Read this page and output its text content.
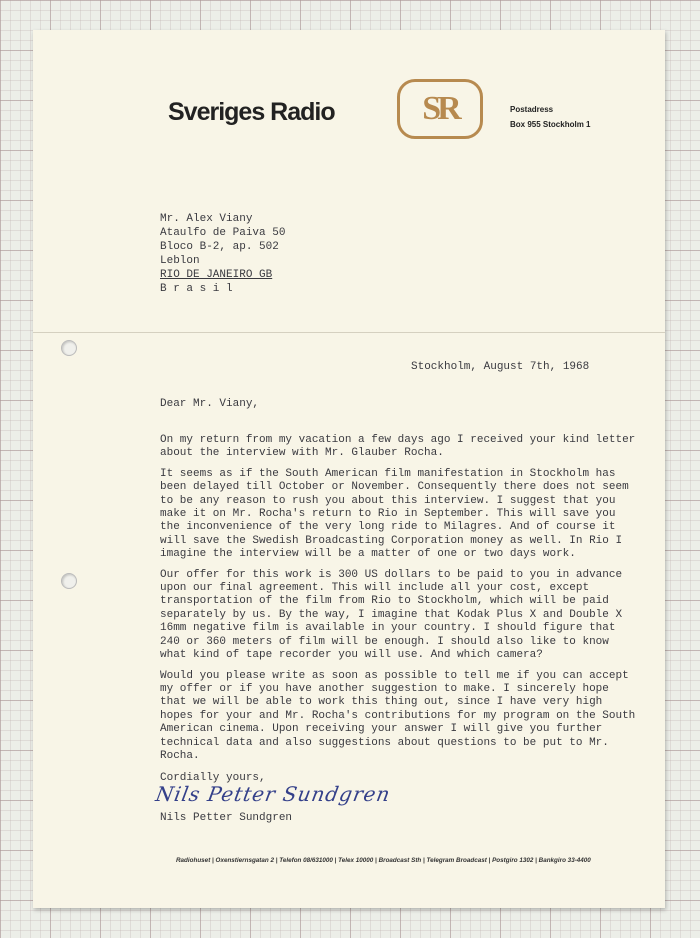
Sveriges Radio	SR	Postadress
Box 955 Stockholm 1
Mr. Alex Viany
Ataulfo de Paiva 50
Bloco B-2, ap. 502
Leblon
RIO DE JANEIRO GB
B r a s i l
Stockholm, August 7th, 1968
Dear Mr. Viany,

On my return from my vacation a few days ago I received your kind letter about the interview with Mr. Glauber Rocha.

It seems as if the South American film manifestation in Stockholm has been delayed till October or November. Consequently there does not seem to be any reason to rush you about this interview. I suggest that you make it on Mr. Rocha's return to Rio in September. This will save you the inconvenience of the very long ride to Milagres. And of course it will save the Swedish Broadcasting Corporation money as well. In Rio I imagine the interview will be a matter of one or two days work.

Our offer for this work is 300 US dollars to be paid to you in advance upon our final agreement. This will include all your cost, except transportation of the film from Rio to Stockholm, which will be paid separately by us. By the way, I imagine that Kodak Plus X and Double X 16mm negative film is available in your country. I should figure that 240 or 360 meters of film will be enough. I should also like to know what kind of tape recorder you will use. And which camera?

Would you please write as soon as possible to tell me if you can accept my offer or if you have another suggestion to make. I sincerely hope that we will be able to work this thing out, since I have very high hopes for your and Mr. Rocha's contributions for my program on the South American cinema. Upon receiving your answer I will give you further technical data and also suggestions about questions to be put to Mr. Rocha.

Cordially yours,
Nils Petter Sundgren
Nils Petter Sundgren
Radiohuset | Oxenstiernsgatan 2 | Telefon 08/631000 | Telex 10000 | Broadcast Sth | Telegram Broadcast | Postgiro 1302 | Bankgiro 33-4400
